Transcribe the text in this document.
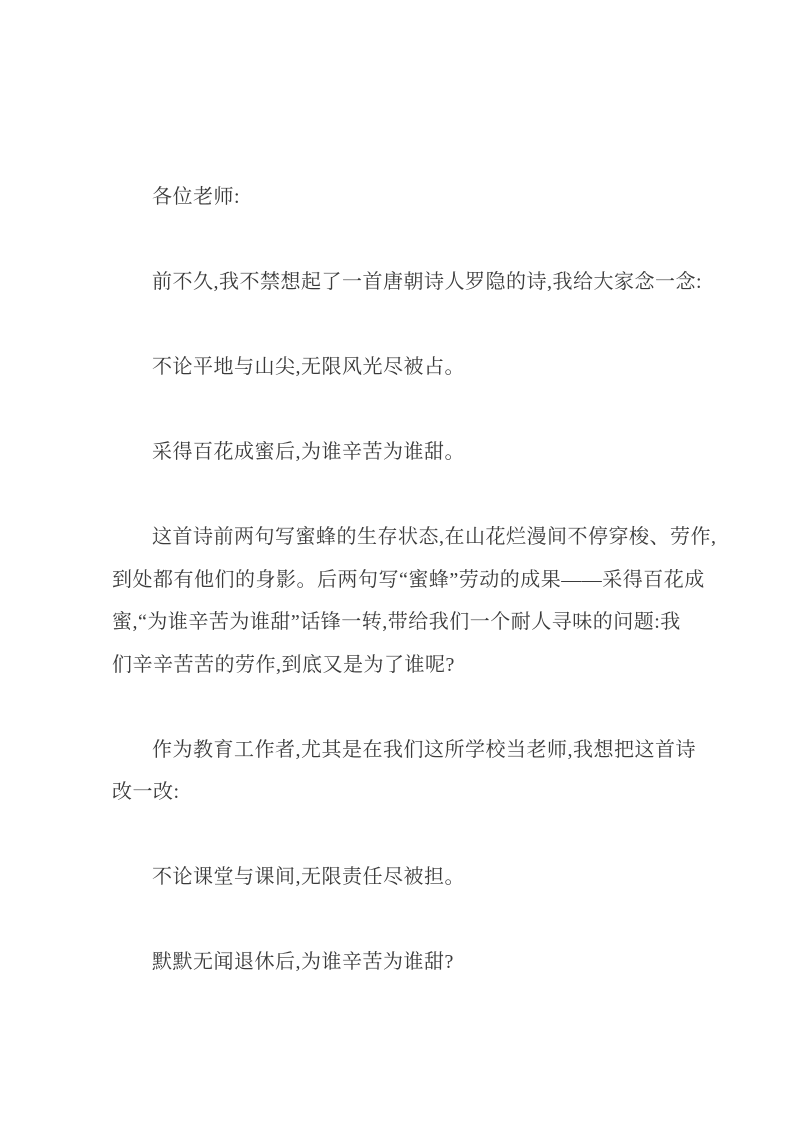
各位老师:
前不久,我不禁想起了一首唐朝诗人罗隐的诗,我给大家念一念:
不论平地与山尖,无限风光尽被占。
采得百花成蜜后,为谁辛苦为谁甜。
这首诗前两句写蜜蜂的生存状态,在山花烂漫间不停穿梭、劳作,
到处都有他们的身影。后两句写“蜜蜂”劳动的成果——采得百花成
蜜,“为谁辛苦为谁甜”话锋一转,带给我们一个耐人寻味的问题:我
们辛辛苦苦的劳作,到底又是为了谁呢?
作为教育工作者,尤其是在我们这所学校当老师,我想把这首诗
改一改:
不论课堂与课间,无限责任尽被担。
默默无闻退休后,为谁辛苦为谁甜?
